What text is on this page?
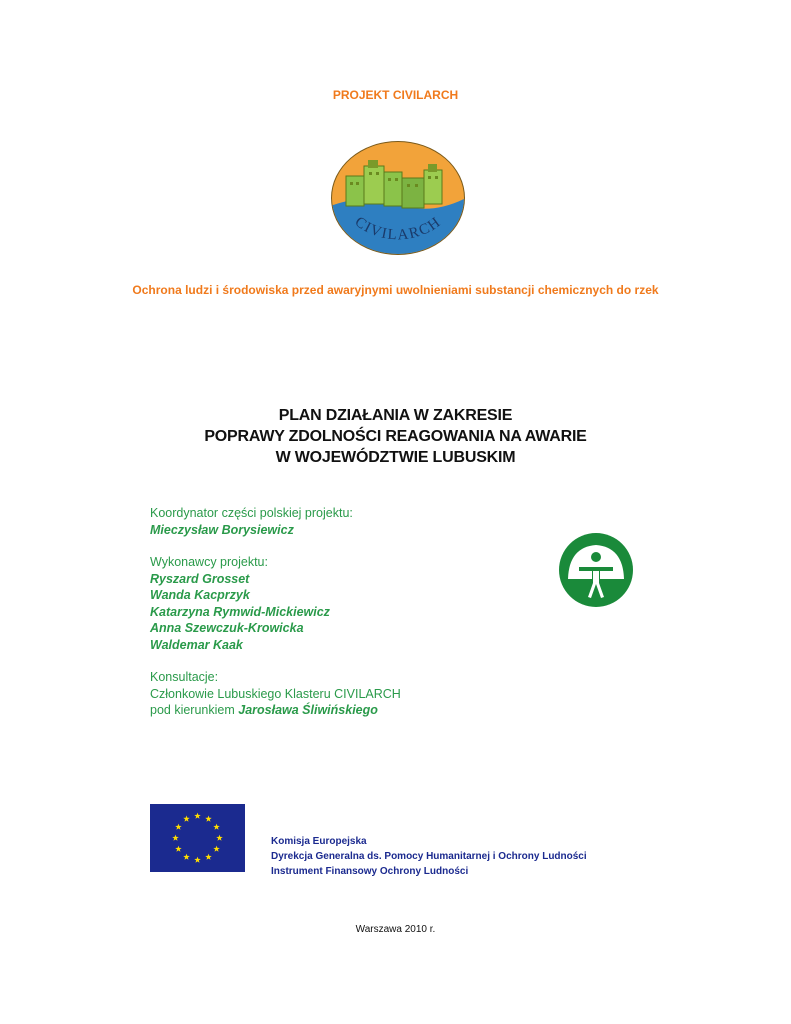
PROJEKT CIVILARCH
CIVILARCH
Ochrona ludzi i środowiska przed awaryjnymi uwolnieniami substancji chemicznych do rzek
PLAN DZIAŁANIA W ZAKRESIE
POPRAWY ZDOLNOŚCI REAGOWANIA NA AWARIE
W WOJEWÓDZTWIE LUBUSKIM
Koordynator części polskiej projektu:
Mieczysław Borysiewicz
Wykonawcy projektu:
Ryszard Grosset
Wanda Kacprzyk
Katarzyna Rymwid-Mickiewicz
Anna Szewczuk-Krowicka
Waldemar Kaak
Konsultacje:
Członkowie Lubuskiego Klasteru CIVILARCH
pod kierunkiem Jarosława Śliwińskiego
Komisja Europejska
Dyrekcja Generalna ds. Pomocy Humanitarnej i Ochrony Ludności
Instrument Finansowy Ochrony Ludności
Warszawa 2010 r.
